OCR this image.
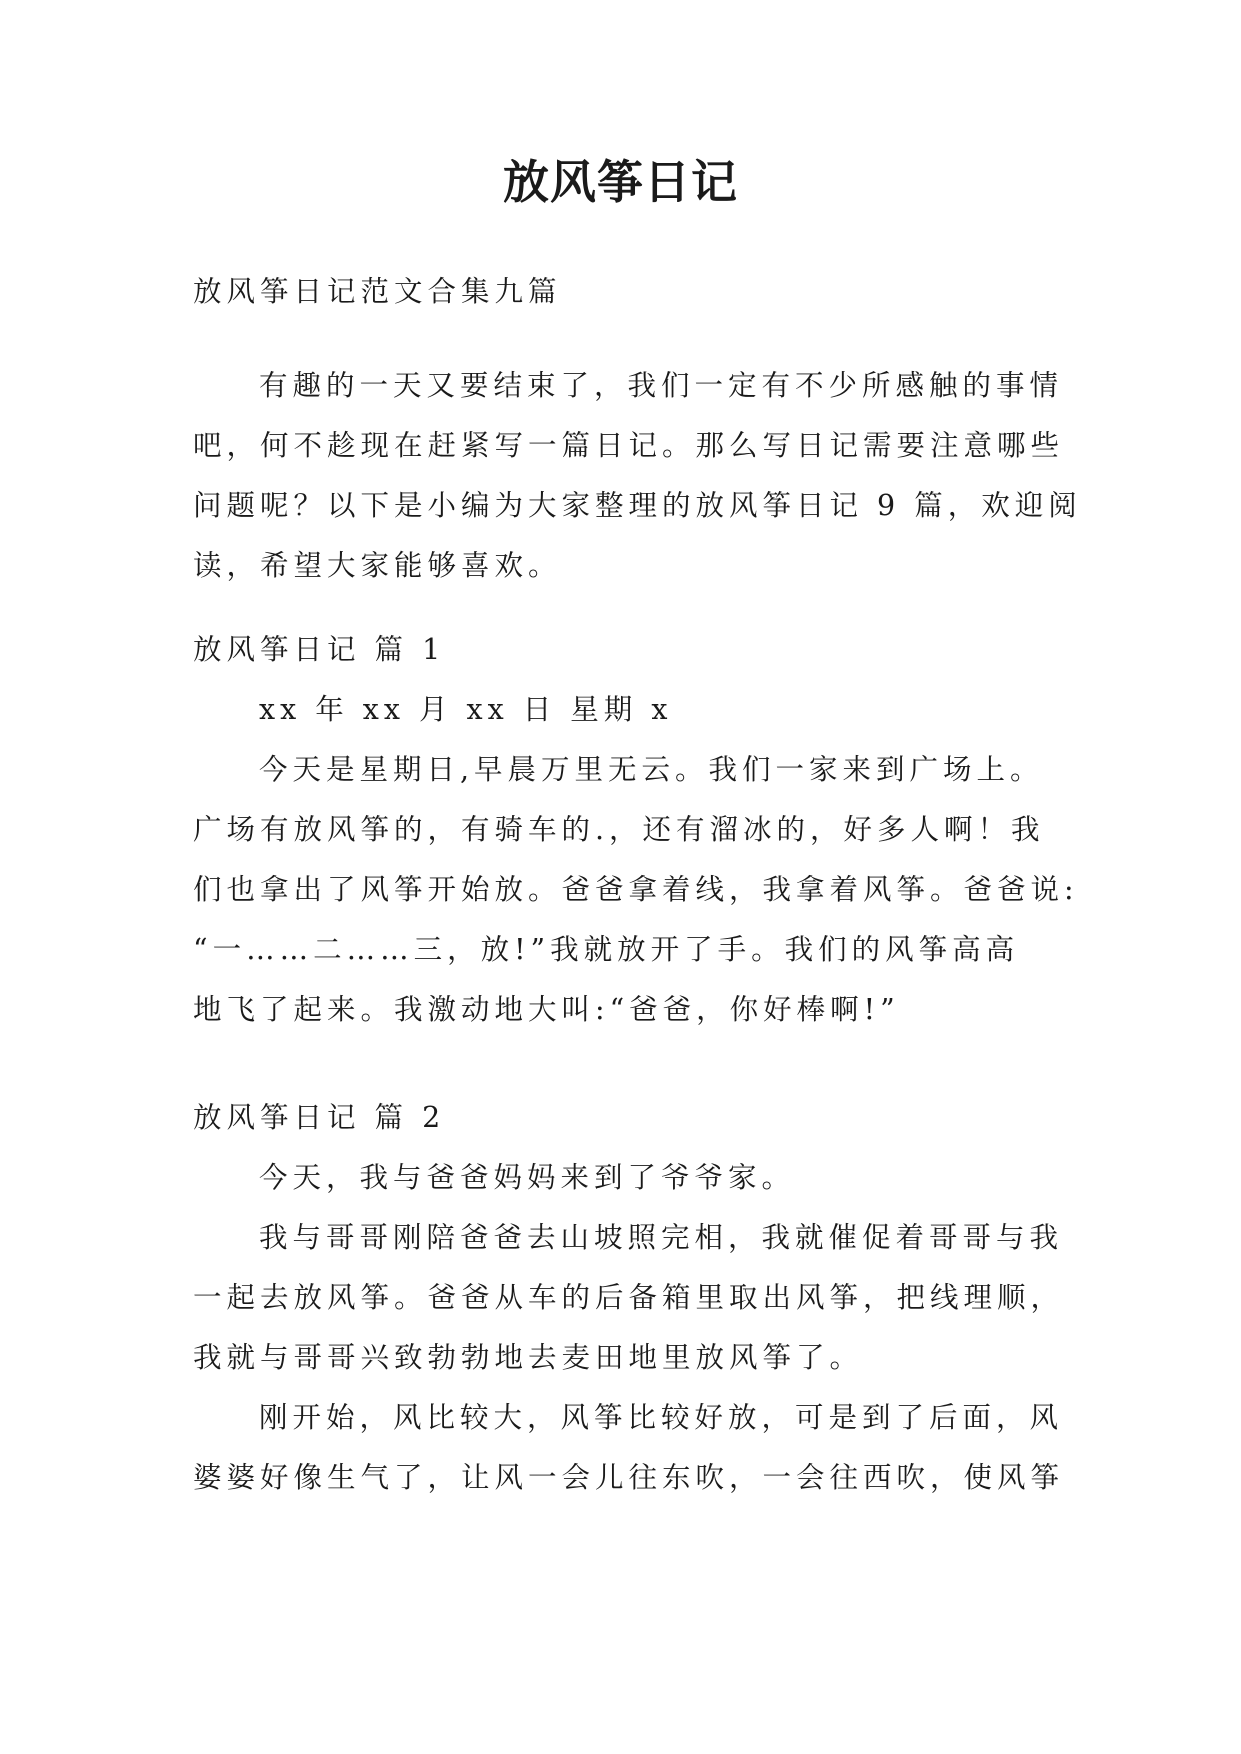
放风筝日记

放风筝日记范文合集九篇

有趣的一天又要结束了，我们一定有不少所感触的事情
吧，何不趁现在赶紧写一篇日记。那么写日记需要注意哪些
问题呢？以下是小编为大家整理的放风筝日记 9 篇，欢迎阅
读，希望大家能够喜欢。
放风筝日记 篇 1
xx 年 xx 月 xx 日 星期 x
今天是星期日,早晨万里无云。我们一家来到广场上。
广场有放风筝的，有骑车的.，还有溜冰的，好多人啊！我
们也拿出了风筝开始放。爸爸拿着线，我拿着风筝。爸爸说:
“一……二……三，放!”我就放开了手。我们的风筝高高
地飞了起来。我激动地大叫:“爸爸，你好棒啊!”
放风筝日记 篇 2
今天，我与爸爸妈妈来到了爷爷家。
我与哥哥刚陪爸爸去山坡照完相，我就催促着哥哥与我
一起去放风筝。爸爸从车的后备箱里取出风筝，把线理顺，
我就与哥哥兴致勃勃地去麦田地里放风筝了。
刚开始，风比较大，风筝比较好放，可是到了后面，风
婆婆好像生气了，让风一会儿往东吹，一会往西吹，使风筝
